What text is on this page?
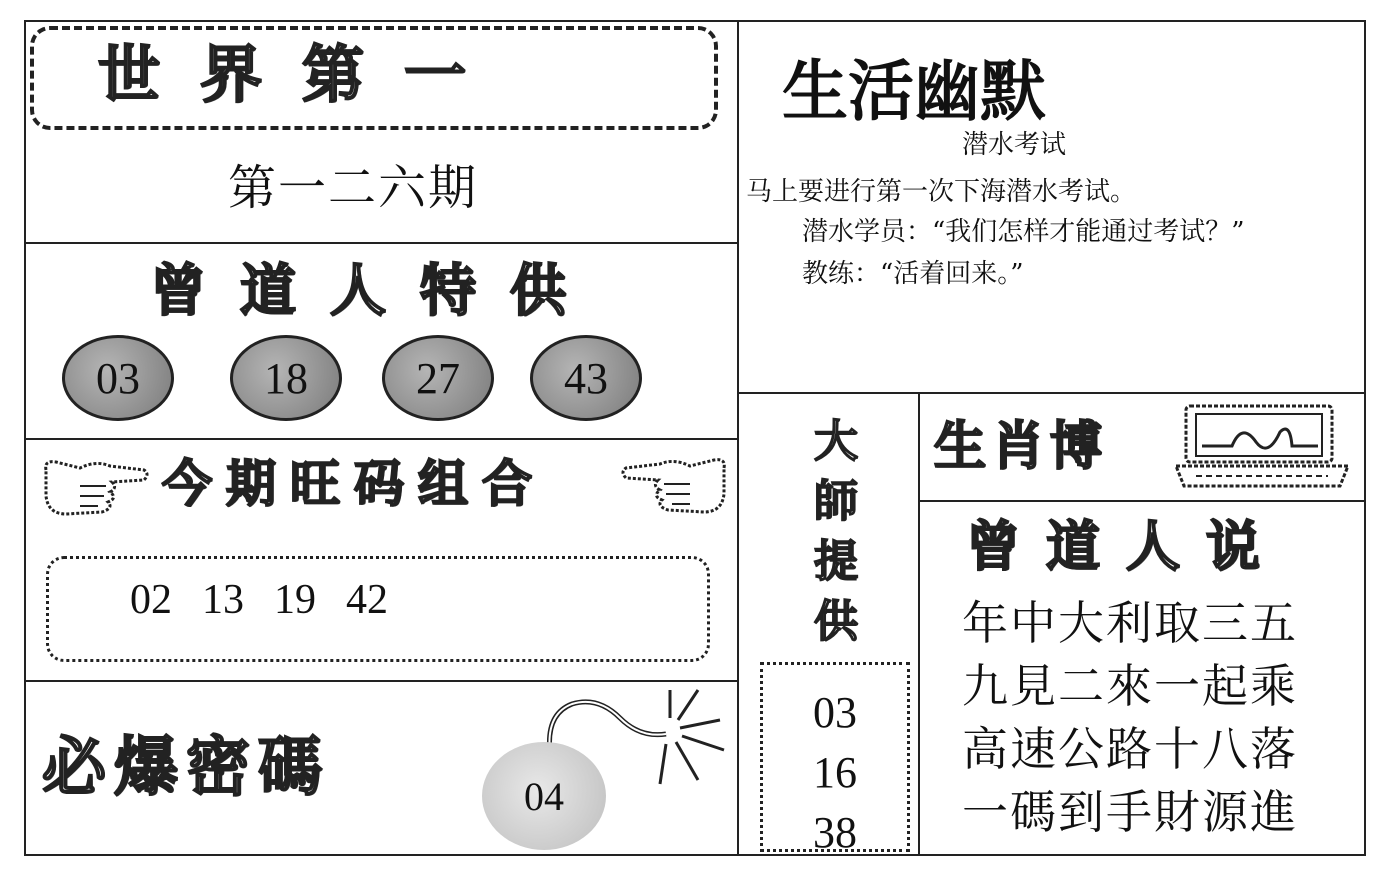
世界第一
第一二六期
曾道人特供
03	18 27 43
今期旺码组合
02 13 19 42
必爆密碼	04
生活幽默
潜水考试
马上要进行第一次下海潜水考试。
潜水学员：“我们怎样才能通过考试？”
教练：“活着回来。”
大
師
提
供
03
16
38
生肖博
曾道人说
年中大利取三五
九見二來一起乘
高速公路十八落
一碼到手財源進
